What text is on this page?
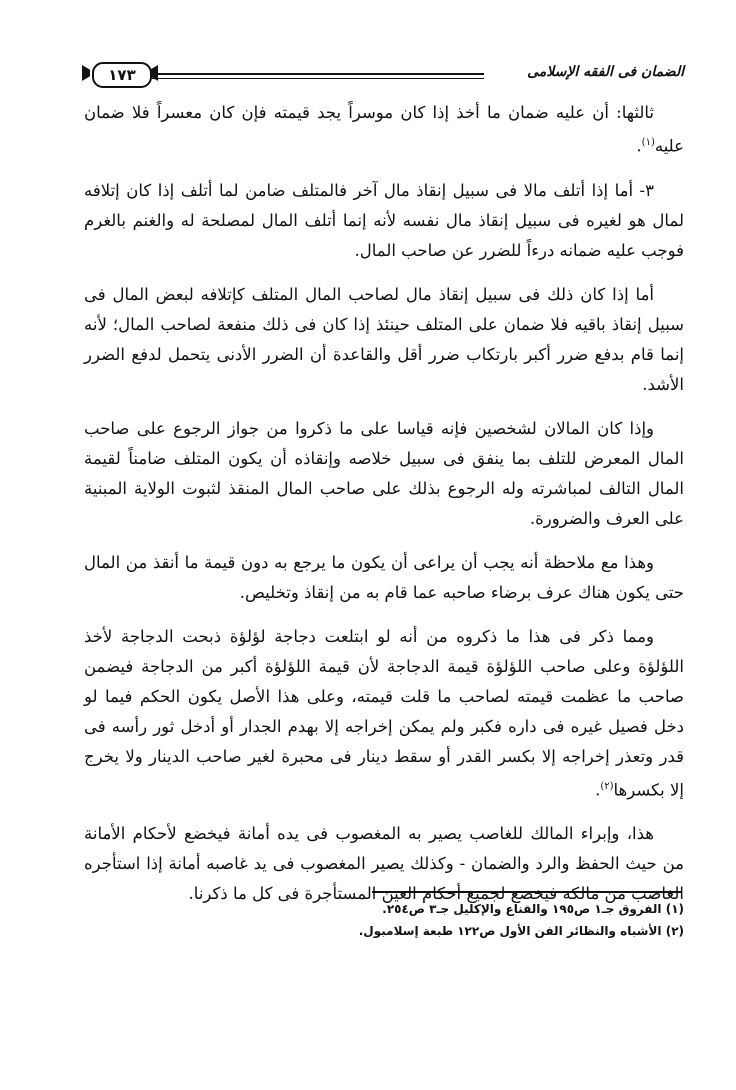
الضمان فى الفقه الإسلامى
١٧٣

ثالثها: أن عليه ضمان ما أخذ إذا كان موسراً يجد قيمته فإن كان معسراً فلا ضمان عليه$^{(١)}$.

٣- أما إذا أتلف مالا فى سبيل إنقاذ مال آخر فالمتلف ضامن لما أتلف إذا كان إتلافه لمال هو لغيره فى سبيل إنقاذ مال نفسه لأنه إنما أتلف المال لمصلحة له والغنم بالغرم فوجب عليه ضمانه درءاً للضرر عن صاحب المال.

أما إذا كان ذلك فى سبيل إنقاذ مال لصاحب المال المتلف كإتلافه لبعض المال فى سبيل إنقاذ باقيه فلا ضمان على المتلف حينئذ إذا كان فى ذلك منفعة لصاحب المال؛ لأنه إنما قام بدفع ضرر أكبر بارتكاب ضرر أقل والقاعدة أن الضرر الأدنى يتحمل لدفع الضرر الأشد.

وإذا كان المالان لشخصين فإنه قياسا على ما ذكروا من جواز الرجوع على صاحب المال المعرض للتلف بما ينفق فى سبيل خلاصه وإنقاذه أن يكون المتلف ضامناً لقيمة المال التالف لمباشرته وله الرجوع بذلك على صاحب المال المنقذ لثبوت الولاية المبنية على العرف والضرورة.

وهذا مع ملاحظة أنه يجب أن يراعى أن يكون ما يرجع به دون قيمة ما أنقذ من المال حتى يكون هناك عرف برضاء صاحبه عما قام به من إنقاذ وتخليص.

ومما ذكر فى هذا ما ذكروه من أنه لو ابتلعت دجاجة لؤلؤة ذبحت الدجاجة لأخذ اللؤلؤة وعلى صاحب اللؤلؤة قيمة الدجاجة لأن قيمة اللؤلؤة أكبر من الدجاجة فيضمن صاحب ما عظمت قيمته لصاحب ما قلت قيمته، وعلى هذا الأصل يكون الحكم فيما لو دخل فصيل غيره فى داره فكبر ولم يمكن إخراجه إلا بهدم الجدار أو أدخل ثور رأسه فى قدر وتعذر إخراجه إلا بكسر القدر أو سقط دينار فى محبرة لغير صاحب الدينار ولا يخرج إلا بكسرها$^{(٢)}$.

هذا، وإبراء المالك للغاصب يصير به المغصوب فى يده أمانة فيخضع لأحكام الأمانة من حيث الحفظ والرد والضمان - وكذلك يصير المغصوب فى يد غاصبه أمانة إذا استأجره الغاصب من مالكه فيخضع لجميع أحكام العين المستأجرة فى كل ما ذكرنا.

(١) الفروق جـ١ ص١٩٥ والقناع والإكليل جـ٣ ص٢٥٤.
(٢) الأشباه والنظائر الفن الأول ص١٢٢ طبعة إسلامبول.
